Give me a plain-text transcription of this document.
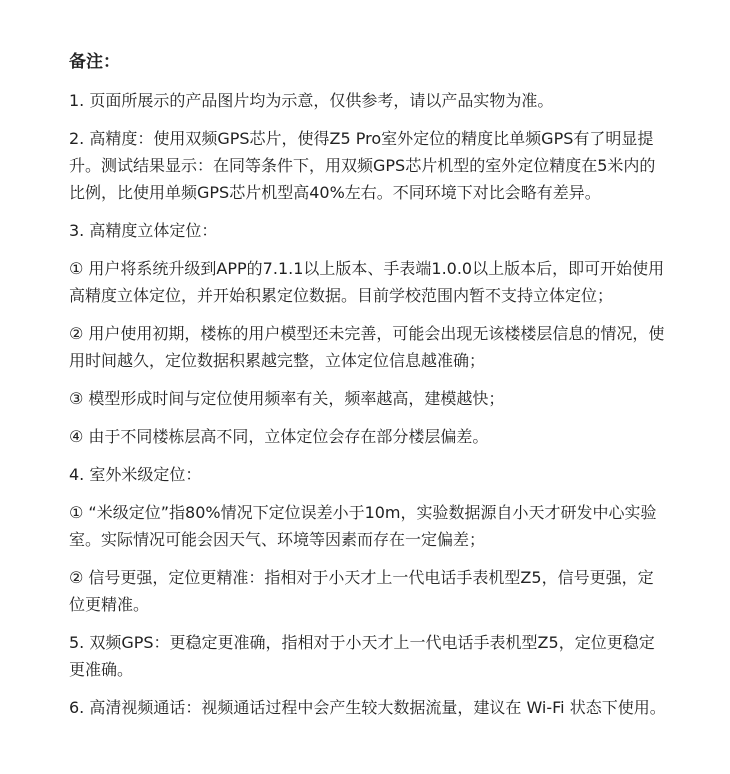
备注：
1. 页面所展示的产品图片均为示意，仅供参考，请以产品实物为准。
2. 高精度：使用双频GPS芯片，使得Z5 Pro室外定位的精度比单频GPS有了明显提升。测试结果显示：在同等条件下，用双频GPS芯片机型的室外定位精度在5米内的比例，比使用单频GPS芯片机型高40%左右。不同环境下对比会略有差异。
3. 高精度立体定位：
① 用户将系统升级到APP的7.1.1以上版本、手表端1.0.0以上版本后，即可开始使用高精度立体定位，并开始积累定位数据。目前学校范围内暂不支持立体定位；
② 用户使用初期，楼栋的用户模型还未完善，可能会出现无该楼楼层信息的情况，使用时间越久，定位数据积累越完整，立体定位信息越准确；
③ 模型形成时间与定位使用频率有关，频率越高，建模越快；
④ 由于不同楼栋层高不同，立体定位会存在部分楼层偏差。
4. 室外米级定位：
① “米级定位”指80%情况下定位误差小于10m，实验数据源自小天才研发中心实验室。实际情况可能会因天气、环境等因素而存在一定偏差；
② 信号更强，定位更精准：指相对于小天才上一代电话手表机型Z5，信号更强，定位更精准。
5. 双频GPS：更稳定更准确，指相对于小天才上一代电话手表机型Z5，定位更稳定更准确。
6. 高清视频通话：视频通话过程中会产生较大数据流量，建议在 Wi-Fi 状态下使用。
